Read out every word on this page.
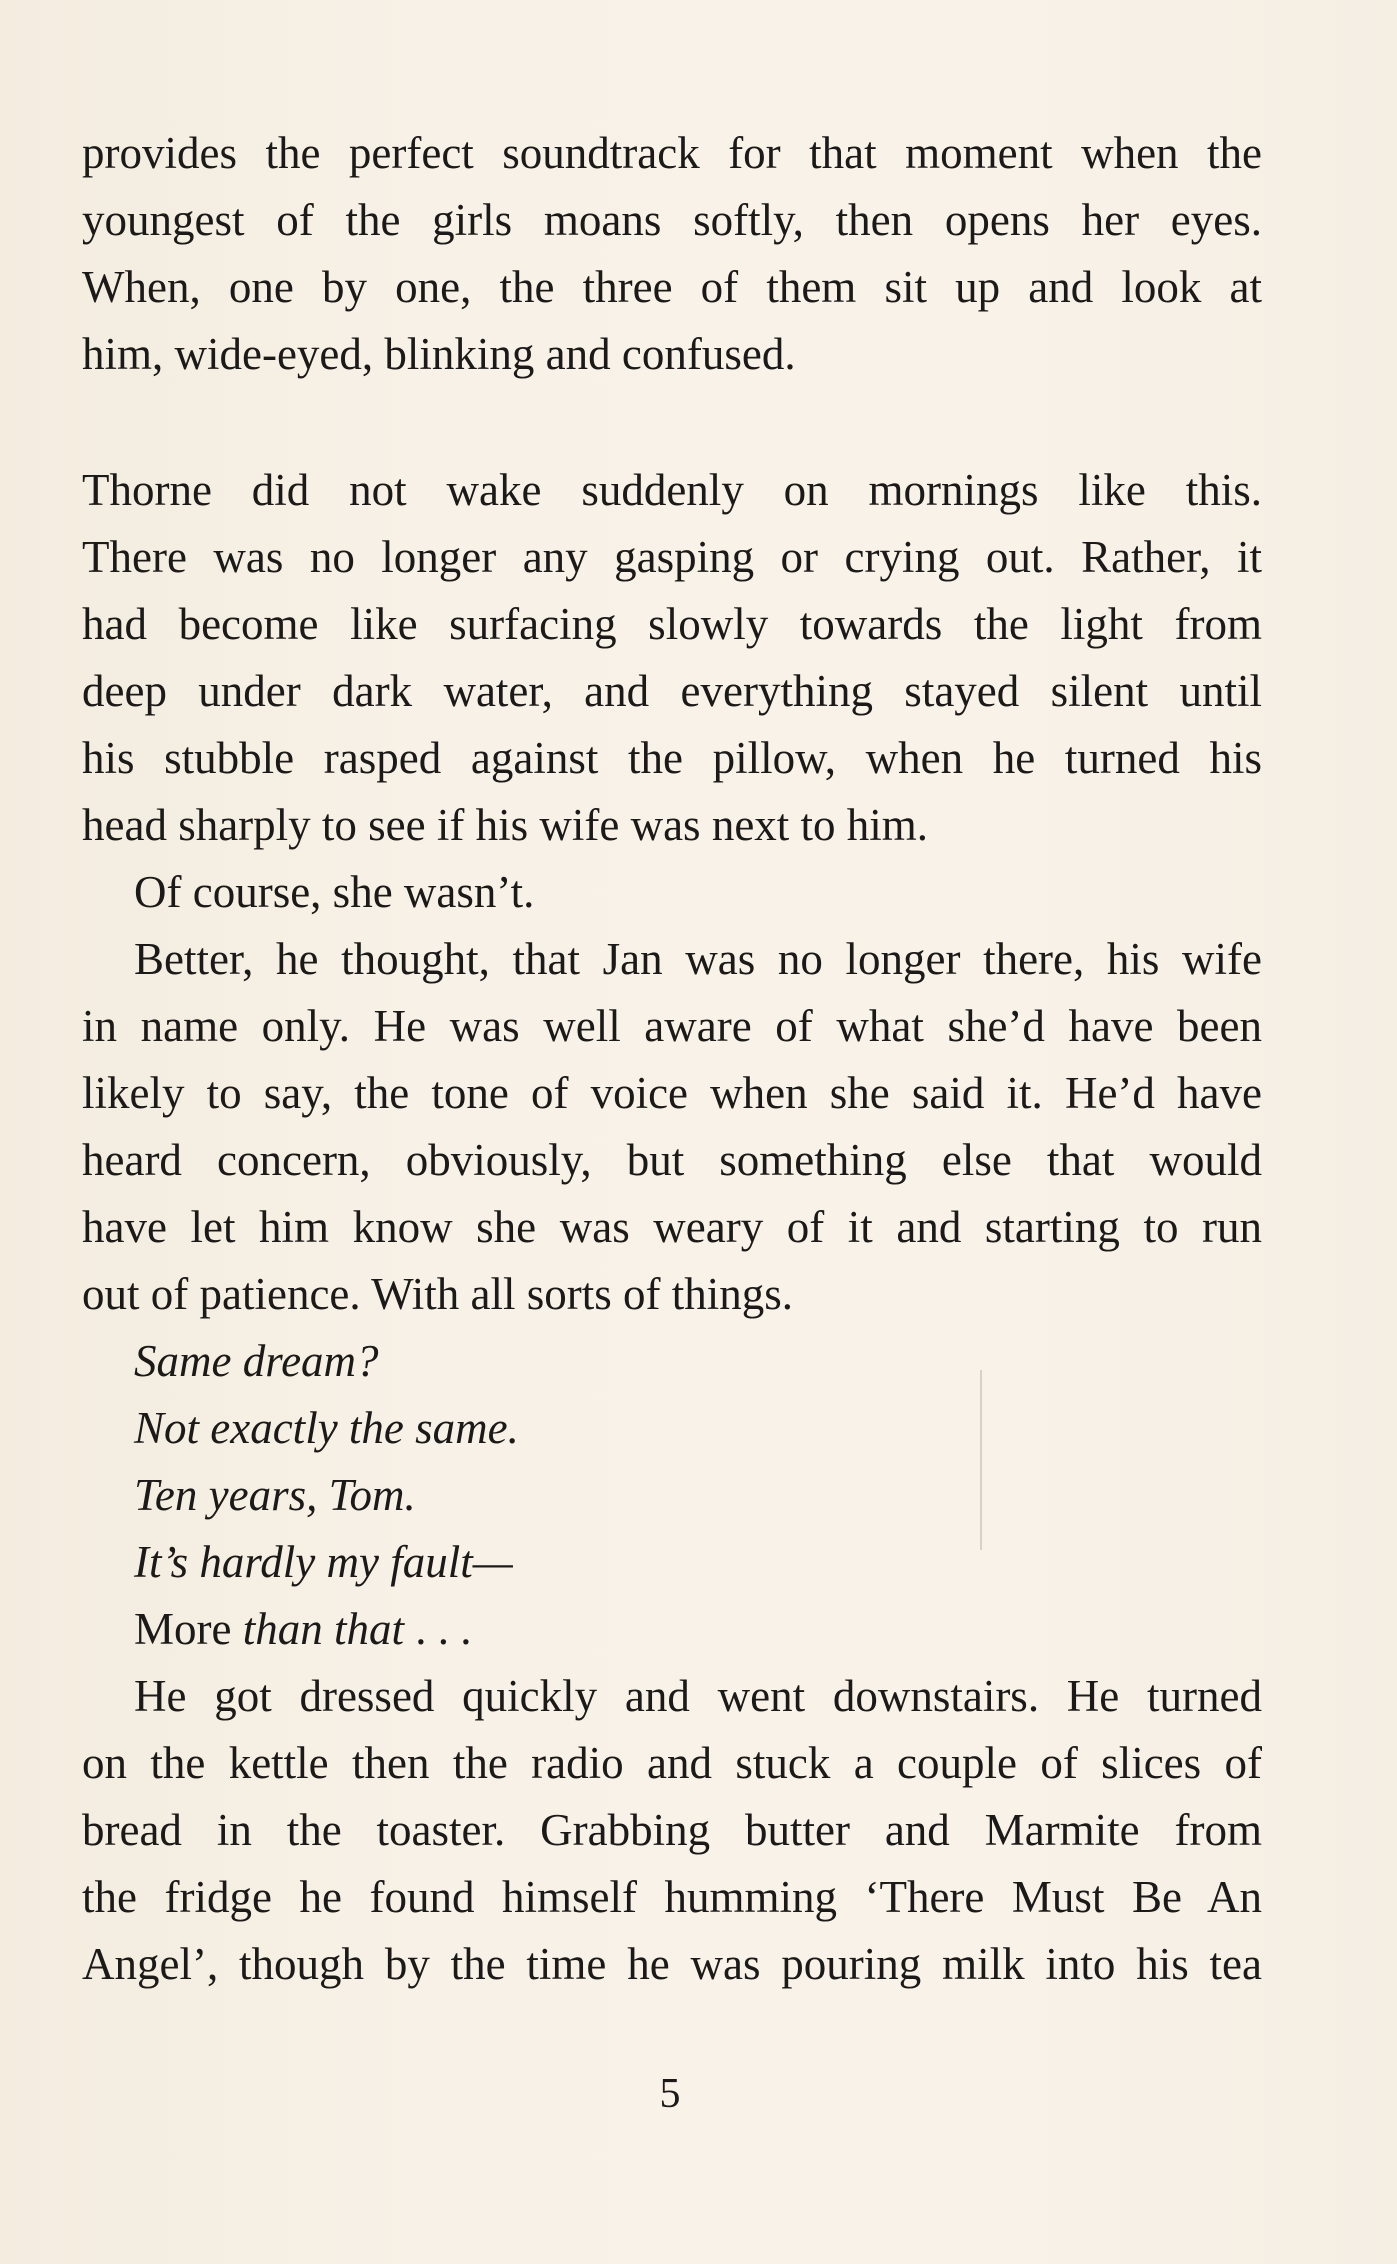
provides the perfect soundtrack for that moment when the
youngest of the girls moans softly, then opens her eyes.
When, one by one, the three of them sit up and look at
him, wide-eyed, blinking and confused.
Thorne did not wake suddenly on mornings like this.
There was no longer any gasping or crying out. Rather, it
had become like surfacing slowly towards the light from
deep under dark water, and everything stayed silent until
his stubble rasped against the pillow, when he turned his
head sharply to see if his wife was next to him.
Of course, she wasn’t.
Better, he thought, that Jan was no longer there, his wife
in name only. He was well aware of what she’d have been
likely to say, the tone of voice when she said it. He’d have
heard concern, obviously, but something else that would
have let him know she was weary of it and starting to run
out of patience. With all sorts of things.
Same dream?
Not exactly the same.
Ten years, Tom.
It’s hardly my fault—
More than that . . .
He got dressed quickly and went downstairs. He turned
on the kettle then the radio and stuck a couple of slices of
bread in the toaster. Grabbing butter and Marmite from
the fridge he found himself humming ‘There Must Be An
Angel’, though by the time he was pouring milk into his tea
5
